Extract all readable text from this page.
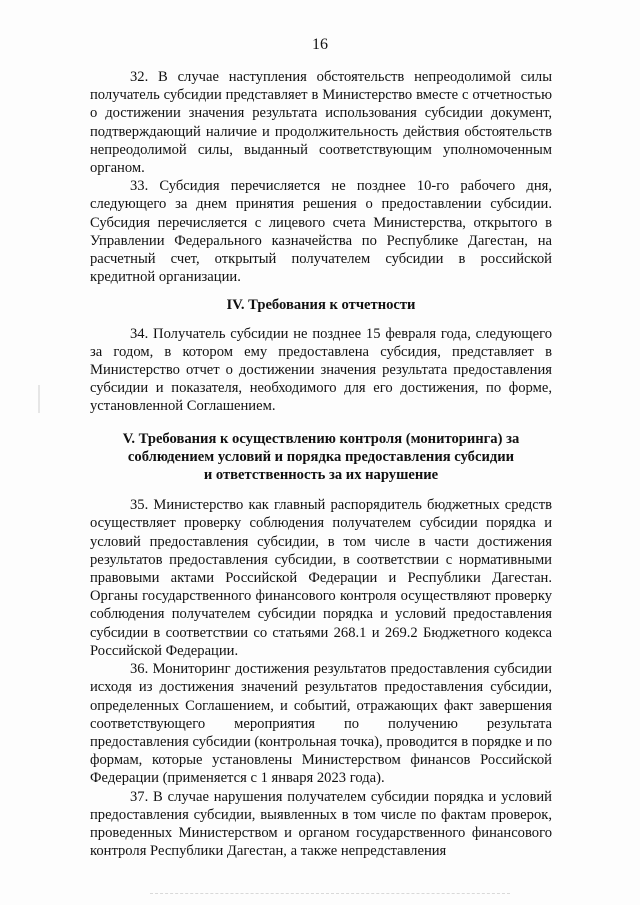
16

32. В случае наступления обстоятельств непреодолимой силы получатель субсидии представляет в Министерство вместе с отчетностью о достижении значения результата использования субсидии документ, подтверждающий наличие и продолжительность действия обстоятельств непреодолимой силы, выданный соответствующим уполномоченным органом.

33. Субсидия перечисляется не позднее 10-го рабочего дня, следующего за днем принятия решения о предоставлении субсидии. Субсидия перечисляется с лицевого счета Министерства, открытого в Управлении Федерального казначейства по Республике Дагестан, на расчетный счет, открытый получателем субсидии в российской кредитной организации.

IV. Требования к отчетности

34. Получатель субсидии не позднее 15 февраля года, следующего за годом, в котором ему предоставлена субсидия, представляет в Министерство отчет о достижении значения результата предоставления субсидии и показателя, необходимого для его достижения, по форме, установленной Соглашением.

V. Требования к осуществлению контроля (мониторинга) за
соблюдением условий и порядка предоставления субсидии
и ответственность за их нарушение

35. Министерство как главный распорядитель бюджетных средств осуществляет проверку соблюдения получателем субсидии порядка и условий предоставления субсидии, в том числе в части достижения результатов предоставления субсидии, в соответствии с нормативными правовыми актами Российской Федерации и Республики Дагестан. Органы государственного финансового контроля осуществляют проверку соблюдения получателем субсидии порядка и условий предоставления субсидии в соответствии со статьями 268.1 и 269.2 Бюджетного кодекса Российской Федерации.

36. Мониторинг достижения результатов предоставления субсидии исходя из достижения значений результатов предоставления субсидии, определенных Соглашением, и событий, отражающих факт завершения соответствующего мероприятия по получению результата предоставления субсидии (контрольная точка), проводится в порядке и по формам, которые установлены Министерством финансов Российской Федерации (применяется с 1 января 2023 года).

37. В случае нарушения получателем субсидии порядка и условий предоставления субсидии, выявленных в том числе по фактам проверок, проведенных Министерством и органом государственного финансового контроля Республики Дагестан, а также непредставления
